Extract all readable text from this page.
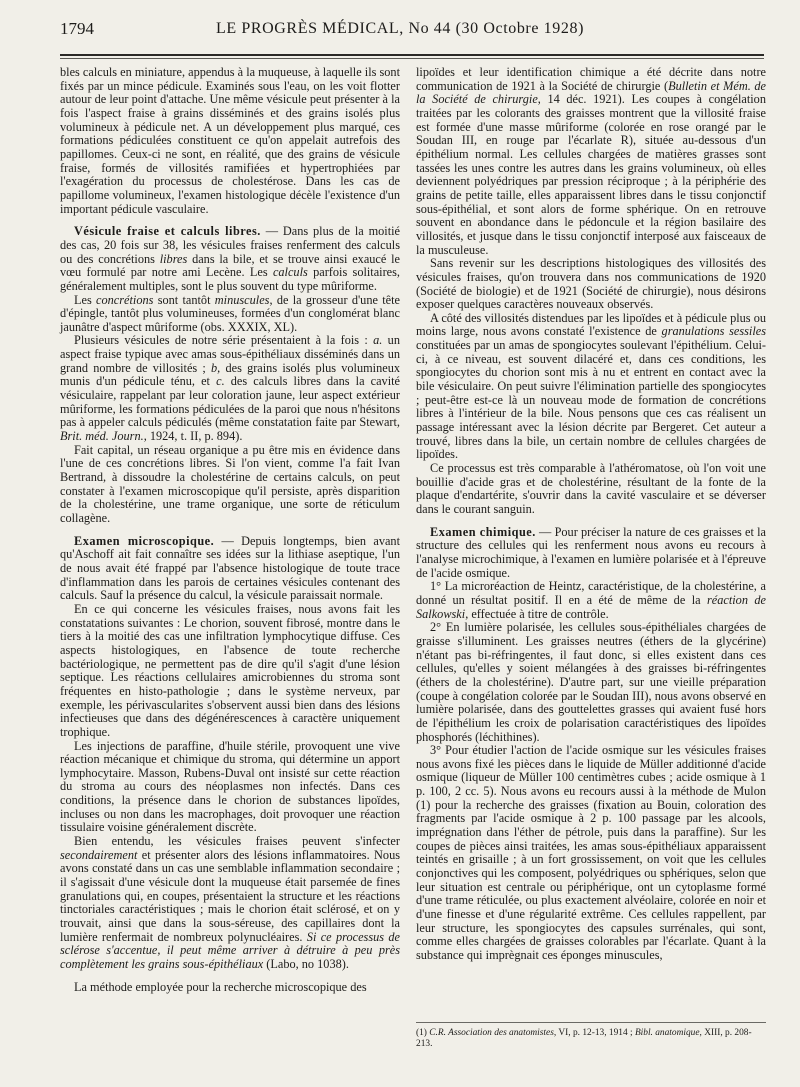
1794	LE PROGRÈS MÉDICAL, No 44 (30 Octobre 1928)

bles calculs en miniature, appendus à la muqueuse, à laquelle ils sont fixés par un mince pédicule. Examinés sous l'eau, on les voit flotter autour de leur point d'attache. Une même vésicule peut présenter à la fois l'aspect fraise à grains disséminés et des grains isolés plus volumineux à pédicule net. A un développement plus marqué, ces formations pédiculées constituent ce qu'on appelait autrefois des papillomes. Ceux-ci ne sont, en réalité, que des grains de vésicule fraise, formés de villosités ramifiées et hypertrophiées par l'exagération du processus de cholestérose. Dans les cas de papillome volumineux, l'examen histologique décèle l'existence d'un important pédicule vasculaire.

Vésicule fraise et calculs libres. — Dans plus de la moitié des cas, 20 fois sur 38, les vésicules fraises renferment des calculs ou des concrétions libres dans la bile, et se trouve ainsi exaucé le vœu formulé par notre ami Lecène. Les calculs parfois solitaires, généralement multiples, sont le plus souvent du type mûriforme.

Les concrétions sont tantôt minuscules, de la grosseur d'une tête d'épingle, tantôt plus volumineuses, formées d'un conglomérat blanc jaunâtre d'aspect mûriforme (obs. XXXIX, XL).

Plusieurs vésicules de notre série présentaient à la fois : a. un aspect fraise typique avec amas sous-épithéliaux disséminés dans un grand nombre de villosités ; b, des grains isolés plus volumineux munis d'un pédicule ténu, et c. des calculs libres dans la cavité vésiculaire, rappelant par leur coloration jaune, leur aspect extérieur mûriforme, les formations pédiculées de la paroi que nous n'hésitons pas à appeler calculs pédiculés (même constatation faite par Stewart, Brit. méd. Journ., 1924, t. II, p. 894).

Fait capital, un réseau organique a pu être mis en évidence dans l'une de ces concrétions libres. Si l'on vient, comme l'a fait Ivan Bertrand, à dissoudre la cholestérine de certains calculs, on peut constater à l'examen microscopique qu'il persiste, après disparition de la cholestérine, une trame organique, une sorte de réticulum collagène.

Examen microscopique. — Depuis longtemps, bien avant qu'Aschoff ait fait connaître ses idées sur la lithiase aseptique, l'un de nous avait été frappé par l'absence histologique de toute trace d'inflammation dans les parois de certaines vésicules contenant des calculs. Sauf la présence du calcul, la vésicule paraissait normale.

En ce qui concerne les vésicules fraises, nous avons fait les constatations suivantes : Le chorion, souvent fibrosé, montre dans le tiers à la moitié des cas une infiltration lymphocytique diffuse. Ces aspects histologiques, en l'absence de toute recherche bactériologique, ne permettent pas de dire qu'il s'agit d'une lésion septique. Les réactions cellulaires amicrobiennes du stroma sont fréquentes en histo-pathologie ; dans le système nerveux, par exemple, les périvascularites s'observent aussi bien dans des lésions infectieuses que dans des dégénérescences à caractère uniquement trophique.

Les injections de paraffine, d'huile stérile, provoquent une vive réaction mécanique et chimique du stroma, qui détermine un apport lymphocytaire. Masson, Rubens-Duval ont insisté sur cette réaction du stroma au cours des néoplasmes non infectés. Dans ces conditions, la présence dans le chorion de substances lipoïdes, incluses ou non dans les macrophages, doit provoquer une réaction tissulaire voisine généralement discrète.

Bien entendu, les vésicules fraises peuvent s'infecter secondairement et présenter alors des lésions inflammatoires. Nous avons constaté dans un cas une semblable inflammation secondaire ; il s'agissait d'une vésicule dont la muqueuse était parsemée de fines granulations qui, en coupes, présentaient la structure et les réactions tinctoriales caractéristiques ; mais le chorion était sclérosé, et on y trouvait, ainsi que dans la sous-séreuse, des capillaires dont la lumière renfermait de nombreux polynucléaires. Si ce processus de sclérose s'accentue, il peut même arriver à détruire à peu près complètement les grains sous-épithéliaux (Labo, no 1038).

La méthode employée pour la recherche microscopique des

lipoïdes et leur identification chimique a été décrite dans notre communication de 1921 à la Société de chirurgie (Bulletin et Mém. de la Société de chirurgie, 14 déc. 1921). Les coupes à congélation traitées par les colorants des graisses montrent que la villosité fraise est formée d'une masse mûriforme (colorée en rose orangé par le Soudan III, en rouge par l'écarlate R), située au-dessous d'un épithélium normal. Les cellules chargées de matières grasses sont tassées les unes contre les autres dans les grains volumineux, où elles deviennent polyédriques par pression réciproque ; à la périphérie des grains de petite taille, elles apparaissent libres dans le tissu conjonctif sous-épithélial, et sont alors de forme sphérique. On en retrouve souvent en abondance dans le pédoncule et la région basilaire des villosités, et jusque dans le tissu conjonctif interposé aux faisceaux de la musculeuse.

Sans revenir sur les descriptions histologiques des villosités des vésicules fraises, qu'on trouvera dans nos communications de 1920 (Société de biologie) et de 1921 (Société de chirurgie), nous désirons exposer quelques caractères nouveaux observés.

A côté des villosités distendues par les lipoïdes et à pédicule plus ou moins large, nous avons constaté l'existence de granulations sessiles constituées par un amas de spongiocytes soulevant l'épithélium. Celui-ci, à ce niveau, est souvent dilacéré et, dans ces conditions, les spongiocytes du chorion sont mis à nu et entrent en contact avec la bile vésiculaire. On peut suivre l'élimination partielle des spongiocytes ; peut-être est-ce là un nouveau mode de formation de concrétions libres à l'intérieur de la bile. Nous pensons que ces cas réalisent un passage intéressant avec la lésion décrite par Bergeret. Cet auteur a trouvé, libres dans la bile, un certain nombre de cellules chargées de lipoïdes.

Ce processus est très comparable à l'athéromatose, où l'on voit une bouillie d'acide gras et de cholestérine, résultant de la fonte de la plaque d'endartérite, s'ouvrir dans la cavité vasculaire et se déverser dans le courant sanguin.

Examen chimique. — Pour préciser la nature de ces graisses et la structure des cellules qui les renferment nous avons eu recours à l'analyse microchimique, à l'examen en lumière polarisée et à l'épreuve de l'acide osmique.

1° La microréaction de Heintz, caractéristique, de la cholestérine, a donné un résultat positif. Il en a été de même de la réaction de Salkowski, effectuée à titre de contrôle.

2° En lumière polarisée, les cellules sous-épithéliales chargées de graisse s'illuminent. Les graisses neutres (éthers de la glycérine) n'étant pas bi-réfringentes, il faut donc, si elles existent dans ces cellules, qu'elles y soient mélangées à des graisses bi-réfringentes (éthers de la cholestérine). D'autre part, sur une vieille préparation (coupe à congélation colorée par le Soudan III), nous avons observé en lumière polarisée, dans des gouttelettes grasses qui avaient fusé hors de l'épithélium les croix de polarisation caractéristiques des lipoïdes phosphorés (léchithines).

3° Pour étudier l'action de l'acide osmique sur les vésicules fraises nous avons fixé les pièces dans le liquide de Müller additionné d'acide osmique (liqueur de Müller 100 centimètres cubes ; acide osmique à 1 p. 100, 2 cc. 5). Nous avons eu recours aussi à la méthode de Mulon (1) pour la recherche des graisses (fixation au Bouin, coloration des fragments par l'acide osmique à 2 p. 100 passage par les alcools, imprégnation dans l'éther de pétrole, puis dans la paraffine). Sur les coupes de pièces ainsi traitées, les amas sous-épithéliaux apparaissent teintés en grisaille ; à un fort grossissement, on voit que les cellules conjonctives qui les composent, polyédriques ou sphériques, selon que leur situation est centrale ou périphérique, ont un cytoplasme formé d'une trame réticulée, ou plus exactement alvéolaire, colorée en noir et d'une finesse et d'une régularité extrême. Ces cellules rappellent, par leur structure, les spongiocytes des capsules surrénales, qui sont, comme elles chargées de graisses colorables par l'écarlate. Quant à la substance qui imprègnait ces éponges minuscules,

(1) C.R. Association des anatomistes, VI, p. 12-13, 1914 ; Bibl. anatomique, XIII, p. 208-213.
